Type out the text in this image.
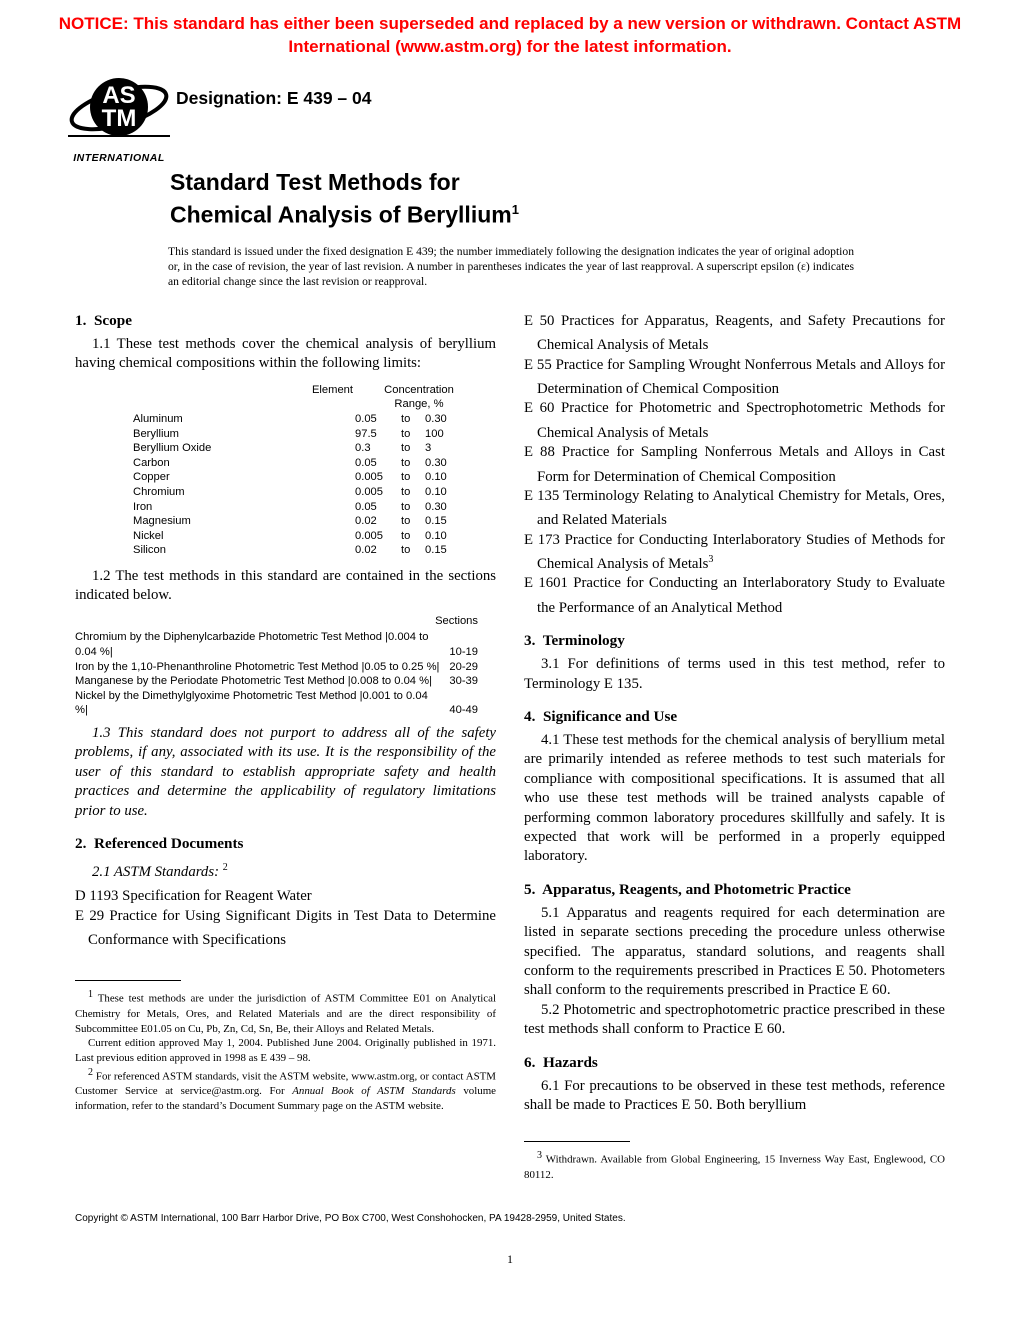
NOTICE: This standard has either been superseded and replaced by a new version or withdrawn. Contact ASTM International (www.astm.org) for the latest information.
AS
TM
INTERNATIONAL
Designation: E 439 – 04
Standard Test Methods for
Chemical Analysis of Beryllium$^1$
This standard is issued under the fixed designation E 439; the number immediately following the designation indicates the year of original adoption or, in the case of revision, the year of last revision. A number in parentheses indicates the year of last reapproval. A superscript epsilon (ε) indicates an editorial change since the last revision or reapproval.
1.  Scope

1.1 These test methods cover the chemical analysis of beryllium having chemical compositions within the following limits:

Element	Concentration
Range, %
Aluminum	0.05	to	0.30
Beryllium	97.5	to	100
Beryllium Oxide	0.3	to	3
Carbon	0.05	to	0.30
Copper	0.005	to	0.10
Chromium	0.005	to	0.10
Iron	0.05	to	0.30
Magnesium	0.02	to	0.15
Nickel	0.005	to	0.10
Silicon	0.02	to	0.15

1.2 The test methods in this standard are contained in the sections indicated below.

Sections
Chromium by the Diphenylcarbazide Photometric Test Method |0.004 to 0.04 %|	10-19
Iron by the 1,10-Phenanthroline Photometric Test Method |0.05 to 0.25 %| 20-29
Manganese by the Periodate Photometric Test Method |0.008 to 0.04 %|	30-39
Nickel by the Dimethylglyoxime Photometric Test Method |0.001 to 0.04 %|	40-49

1.3 This standard does not purport to address all of the safety problems, if any, associated with its use. It is the responsibility of the user of this standard to establish appropriate safety and health practices and determine the applicability of regulatory limitations prior to use.

2.  Referenced Documents

2.1 ASTM Standards: $^2$

D 1193 Specification for Reagent Water

E 29 Practice for Using Significant Digits in Test Data to Determine Conformance with Specifications

$^1$ These test methods are under the jurisdiction of ASTM Committee E01 on Analytical Chemistry for Metals, Ores, and Related Materials and are the direct responsibility of Subcommittee E01.05 on Cu, Pb, Zn, Cd, Sn, Be, their Alloys and Related Metals.

Current edition approved May 1, 2004. Published June 2004. Originally published in 1971. Last previous edition approved in 1998 as E 439 – 98.

$^2$ For referenced ASTM standards, visit the ASTM website, www.astm.org, or contact ASTM Customer Service at service@astm.org. For Annual Book of ASTM Standards volume information, refer to the standard’s Document Summary page on the ASTM website.

E 50 Practices for Apparatus, Reagents, and Safety Precautions for Chemical Analysis of Metals

E 55 Practice for Sampling Wrought Nonferrous Metals and Alloys for Determination of Chemical Composition

E 60 Practice for Photometric and Spectrophotometric Methods for Chemical Analysis of Metals

E 88 Practice for Sampling Nonferrous Metals and Alloys in Cast Form for Determination of Chemical Composition

E 135 Terminology Relating to Analytical Chemistry for Metals, Ores, and Related Materials

E 173 Practice for Conducting Interlaboratory Studies of Methods for Chemical Analysis of Metals$^3$

E 1601 Practice for Conducting an Interlaboratory Study to Evaluate the Performance of an Analytical Method

3.  Terminology

3.1 For definitions of terms used in this test method, refer to Terminology E 135.

4.  Significance and Use

4.1 These test methods for the chemical analysis of beryllium metal are primarily intended as referee methods to test such materials for compliance with compositional specifications. It is assumed that all who use these test methods will be trained analysts capable of performing common laboratory procedures skillfully and safely. It is expected that work will be performed in a properly equipped laboratory.

5.  Apparatus, Reagents, and Photometric Practice

5.1 Apparatus and reagents required for each determination are listed in separate sections preceding the procedure unless otherwise specified. The apparatus, standard solutions, and reagents shall conform to the requirements prescribed in Practices E 50. Photometers shall conform to the requirements prescribed in Practice E 60.

5.2 Photometric and spectrophotometric practice prescribed in these test methods shall conform to Practice E 60.

6.  Hazards

6.1 For precautions to be observed in these test methods, reference shall be made to Practices E 50. Both beryllium

$^3$ Withdrawn. Available from Global Engineering, 15 Inverness Way East, Englewood, CO 80112.

Copyright © ASTM International, 100 Barr Harbor Drive, PO Box C700, West Conshohocken, PA 19428-2959, United States.
1
